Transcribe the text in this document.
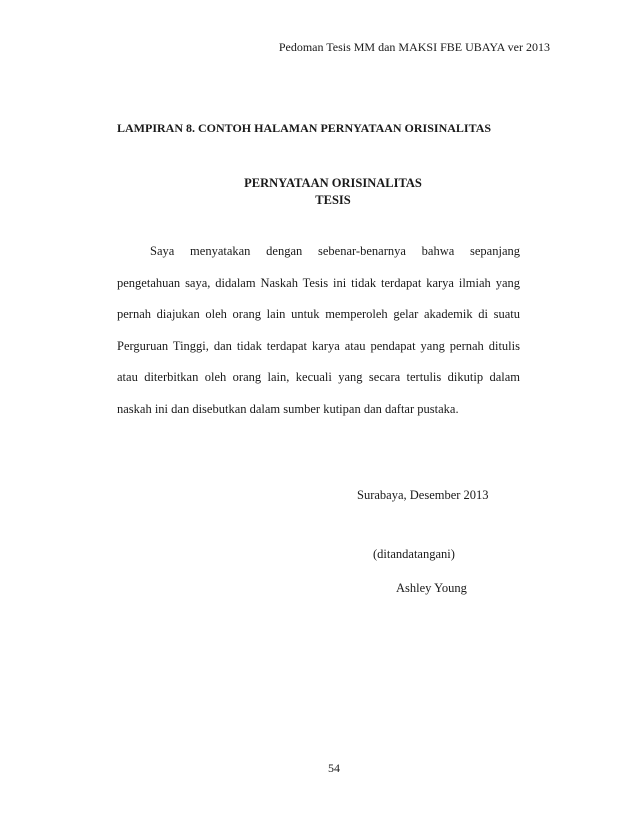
Pedoman Tesis MM dan MAKSI FBE UBAYA ver 2013
LAMPIRAN 8. CONTOH HALAMAN PERNYATAAN ORISINALITAS
PERNYATAAN ORISINALITAS
TESIS

Saya menyatakan dengan sebenar-benarnya bahwa sepanjang pengetahuan saya, didalam Naskah Tesis ini tidak terdapat karya ilmiah yang pernah diajukan oleh orang lain untuk memperoleh gelar akademik di suatu Perguruan Tinggi, dan tidak terdapat karya atau pendapat yang pernah ditulis atau diterbitkan oleh orang lain, kecuali yang secara tertulis dikutip dalam naskah ini dan disebutkan dalam sumber kutipan dan daftar pustaka.

Surabaya, Desember 2013
(ditandatangani)
Ashley Young
54
